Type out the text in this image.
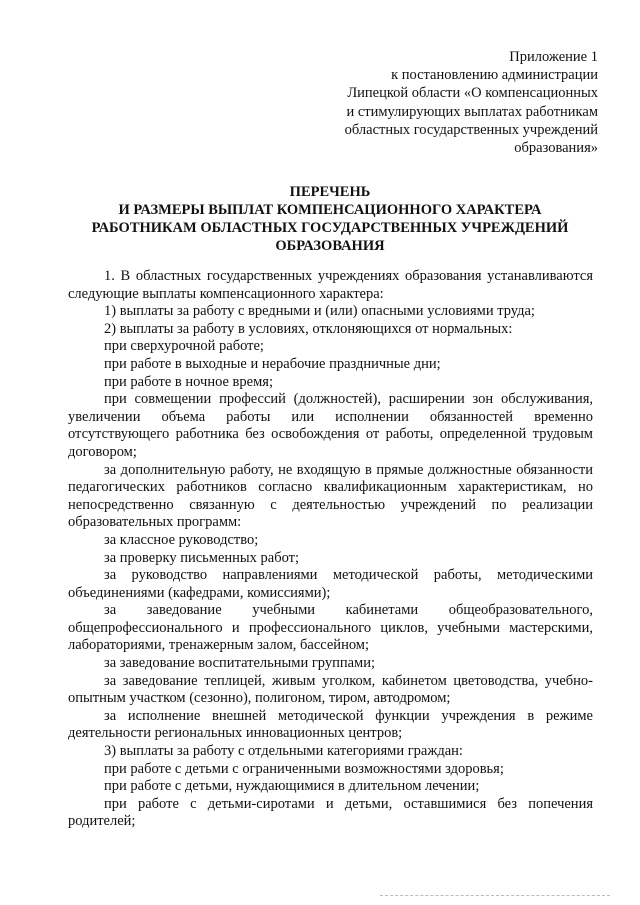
Приложение 1
к постановлению администрации
Липецкой области «О компенсационных
и стимулирующих выплатах работникам
областных государственных учреждений
образования»
ПЕРЕЧЕНЬ
И РАЗМЕРЫ ВЫПЛАТ КОМПЕНСАЦИОННОГО ХАРАКТЕРА
РАБОТНИКАМ ОБЛАСТНЫХ ГОСУДАРСТВЕННЫХ УЧРЕЖДЕНИЙ
ОБРАЗОВАНИЯ

1. В областных государственных учреждениях образования устанавливаются следующие выплаты компенсационного характера:

1) выплаты за работу с вредными и (или) опасными условиями труда;

2) выплаты за работу в условиях, отклоняющихся от нормальных:

при сверхурочной работе;

при работе в выходные и нерабочие праздничные дни;

при работе в ночное время;

при совмещении профессий (должностей), расширении зон обслуживания, увеличении объема работы или исполнении обязанностей временно отсутствующего работника без освобождения от работы, определенной трудовым договором;

за дополнительную работу, не входящую в прямые должностные обязанности педагогических работников согласно квалификационным характеристикам, но непосредственно связанную с деятельностью учреждений по реализации образовательных программ:

за классное руководство;

за проверку письменных работ;

за руководство направлениями методической работы, методическими объединениями (кафедрами, комиссиями);

за заведование учебными кабинетами общеобразовательного, общепрофессионального и профессионального циклов, учебными мастерскими, лабораториями, тренажерным залом, бассейном;

за заведование воспитательными группами;

за заведование теплицей, живым уголком, кабинетом цветоводства, учебно-опытным участком (сезонно), полигоном, тиром, автодромом;

за исполнение внешней методической функции учреждения в режиме деятельности региональных инновационных центров;

3) выплаты за работу с отдельными категориями граждан:

при работе с детьми с ограниченными возможностями здоровья;

при работе с детьми, нуждающимися в длительном лечении;

при работе с детьми-сиротами и детьми, оставшимися без попечения родителей;
